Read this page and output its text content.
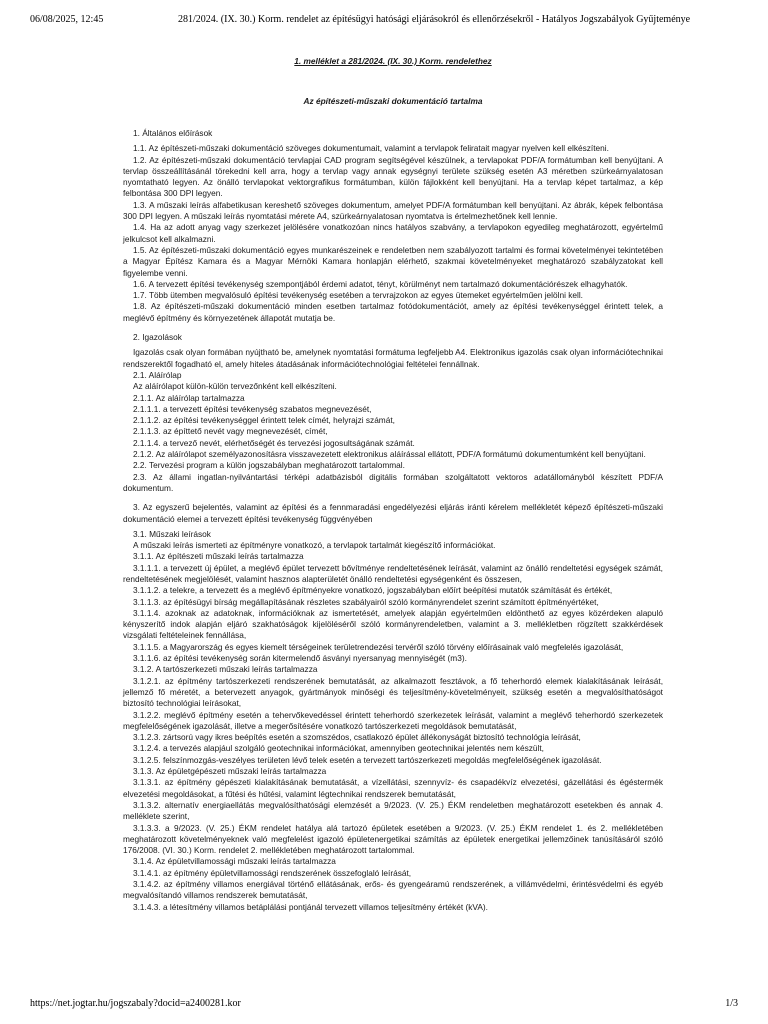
06/08/2025, 12:45	281/2024. (IX. 30.) Korm. rendelet az építésügyi hatósági eljárásokról és ellenőrzésekről - Hatályos Jogszabályok Gyűjteménye
1. melléklet a 281/2024. (IX. 30.) Korm. rendelethez
Az építészeti-műszaki dokumentáció tartalma

1. Általános előírások

1.1. Az építészeti-műszaki dokumentáció szöveges dokumentumait, valamint a tervlapok feliratait magyar nyelven kell elkészíteni.

1.2. Az építészeti-műszaki dokumentáció tervlapjai CAD program segítségével készülnek, a tervlapokat PDF/A formátumban kell benyújtani. A tervlap összeállításánál törekedni kell arra, hogy a tervlap vagy annak egységnyi területe szükség esetén A3 méretben szürkeárnyalatosan nyomtatható legyen. Az önálló tervlapokat vektorgrafikus formátumban, külön fájlokként kell benyújtani. Ha a tervlap képet tartalmaz, a kép felbontása 300 DPI legyen.

1.3. A műszaki leírás alfabetikusan kereshető szöveges dokumentum, amelyet PDF/A formátumban kell benyújtani. Az ábrák, képek felbontása 300 DPI legyen. A műszaki leírás nyomtatási mérete A4, szürkeárnyalatosan nyomtatva is értelmezhetőnek kell lennie.

1.4. Ha az adott anyag vagy szerkezet jelölésére vonatkozóan nincs hatályos szabvány, a tervlapokon egyedileg meghatározott, egyértelmű jelkulcsot kell alkalmazni.

1.5. Az építészeti-műszaki dokumentáció egyes munkarészeinek e rendeletben nem szabályozott tartalmi és formai követelményei tekintetében a Magyar Építész Kamara és a Magyar Mérnöki Kamara honlapján elérhető, szakmai követelményeket meghatározó szabályzatokat kell figyelembe venni.

1.6. A tervezett építési tevékenység szempontjából érdemi adatot, tényt, körülményt nem tartalmazó dokumentációrészek elhagyhatók.

1.7. Több ütemben megvalósuló építési tevékenység esetében a tervrajzokon az egyes ütemeket egyértelműen jelölni kell.

1.8. Az építészeti-műszaki dokumentáció minden esetben tartalmaz fotódokumentációt, amely az építési tevékenységgel érintett telek, a meglévő építmény és környezetének állapotát mutatja be.

2. Igazolások

Igazolás csak olyan formában nyújtható be, amelynek nyomtatási formátuma legfeljebb A4. Elektronikus igazolás csak olyan információtechnikai rendszerektől fogadható el, amely hiteles átadásának információtechnológiai feltételei fennállnak.

2.1. Aláírólap

Az aláírólapot külön-külön tervezőnként kell elkészíteni.

2.1.1. Az aláírólap tartalmazza

2.1.1.1. a tervezett építési tevékenység szabatos megnevezését,

2.1.1.2. az építési tevékenységgel érintett telek címét, helyrajzi számát,

2.1.1.3. az építtető nevét vagy megnevezését, címét,

2.1.1.4. a tervező nevét, elérhetőségét és tervezési jogosultságának számát.

2.1.2. Az aláírólapot személyazonosításra visszavezetett elektronikus aláírással ellátott, PDF/A formátumú dokumentumként kell benyújtani.

2.2. Tervezési program a külön jogszabályban meghatározott tartalommal.

2.3. Az állami ingatlan-nyilvántartási térképi adatbázisból digitális formában szolgáltatott vektoros adatállományból készített PDF/A dokumentum.

3. Az egyszerű bejelentés, valamint az építési és a fennmaradási engedélyezési eljárás iránti kérelem mellékletét képező építészeti-műszaki dokumentáció elemei a tervezett építési tevékenység függvényében

3.1. Műszaki leírások

A műszaki leírás ismerteti az építményre vonatkozó, a tervlapok tartalmát kiegészítő információkat.

3.1.1. Az építészeti műszaki leírás tartalmazza

3.1.1.1. a tervezett új épület, a meglévő épület tervezett bővítménye rendeltetésének leírását, valamint az önálló rendeltetési egységek számát, rendeltetésének megjelölését, valamint hasznos alapterületét önálló rendeltetési egységenként és összesen,

3.1.1.2. a telekre, a tervezett és a meglévő építményekre vonatkozó, jogszabályban előírt beépítési mutatók számítását és értékét,

3.1.1.3. az építésügyi bírság megállapításának részletes szabályairól szóló kormányrendelet szerint számított építményértéket,

3.1.1.4. azoknak az adatoknak, információknak az ismertetését, amelyek alapján egyértelműen eldönthető az egyes közérdeken alapuló kényszerítő indok alapján eljáró szakhatóságok kijelöléséről szóló kormányrendeletben, valamint a 3. mellékletben rögzített szakkérdések vizsgálati feltételeinek fennállása,

3.1.1.5. a Magyarország és egyes kiemelt térségeinek területrendezési tervéről szóló törvény előírásainak való megfelelés igazolását,

3.1.1.6. az építési tevékenység során kitermelendő ásványi nyersanyag mennyiségét (m3).

3.1.2. A tartószerkezeti műszaki leírás tartalmazza

3.1.2.1. az építmény tartószerkezeti rendszerének bemutatását, az alkalmazott fesztávok, a fő teherhordó elemek kialakításának leírását, jellemző fő méretét, a betervezett anyagok, gyártmányok minőségi és teljesítmény-követelményeit, szükség esetén a megvalósíthatóságot biztosító technológiai leírásokat,

3.1.2.2. meglévő építmény esetén a tehervőkevedéssel érintett teherhordó szerkezetek leírását, valamint a meglévő teherhordó szerkezetek megfelelőségének igazolását, illetve a megerősítésére vonatkozó tartószerkezeti megoldások bemutatását,

3.1.2.3. zártsorú vagy ikres beépítés esetén a szomszédos, csatlakozó épület állékonyságát biztosító technológia leírását,

3.1.2.4. a tervezés alapjául szolgáló geotechnikai információkat, amennyiben geotechnikai jelentés nem készült,

3.1.2.5. felszínmozgás-veszélyes területen lévő telek esetén a tervezett tartószerkezeti megoldás megfelelőségének igazolását.

3.1.3. Az épületgépészeti műszaki leírás tartalmazza

3.1.3.1. az építmény gépészeti kialakításának bemutatását, a vízellátási, szennyvíz- és csapadékvíz elvezetési, gázellátási és égéstermék elvezetési megoldásokat, a fűtési és hűtési, valamint légtechnikai rendszerek bemutatását,

3.1.3.2. alternatív energiaellátás megvalósíthatósági elemzését a 9/2023. (V. 25.) ÉKM rendeletben meghatározott esetekben és annak 4. melléklete szerint,

3.1.3.3. a 9/2023. (V. 25.) ÉKM rendelet hatálya alá tartozó épületek esetében a 9/2023. (V. 25.) ÉKM rendelet 1. és 2. mellékletében meghatározott követelményeknek való megfelelést igazoló épületenergetikai számítás az épületek energetikai jellemzőinek tanúsításáról szóló 176/2008. (VI. 30.) Korm. rendelet 2. mellékletében meghatározott tartalommal.

3.1.4. Az épületvillamossági műszaki leírás tartalmazza

3.1.4.1. az építmény épületvillamossági rendszerének összefoglaló leírását,

3.1.4.2. az építmény villamos energiával történő ellátásának, erős- és gyengeáramú rendszerének, a villámvédelmi, érintésvédelmi és egyéb megvalósítandó villamos rendszerek bemutatását,

3.1.4.3. a létesítmény villamos betáplálási pontjánál tervezett villamos teljesítmény értékét (kVA).

https://net.jogtar.hu/jogszabaly?docid=a2400281.kor	1/3
